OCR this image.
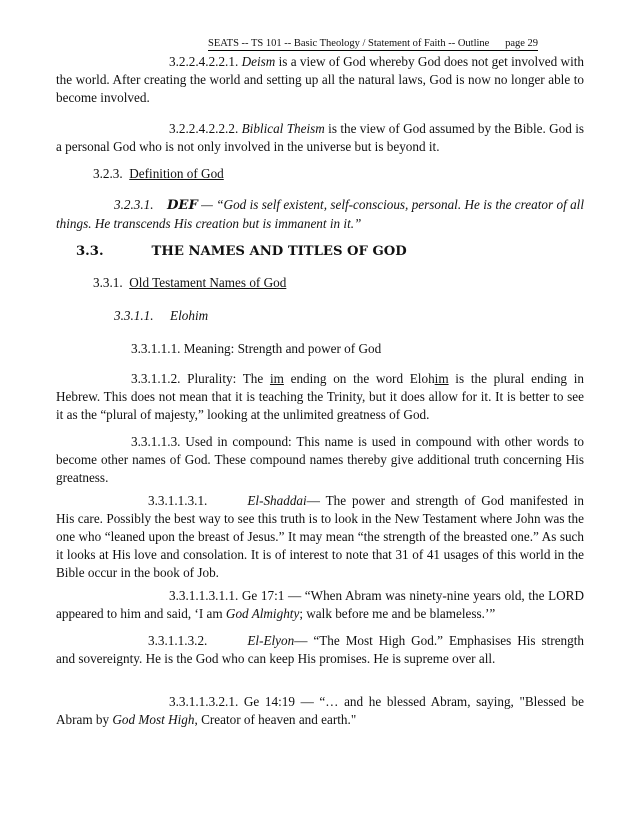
SEATS -- TS 101 -- Basic Theology / Statement of Faith -- Outline page 29
3.2.2.4.2.2.1. Deism is a view of God whereby God does not get involved with the world. After creating the world and setting up all the natural laws, God is now no longer able to become involved.
3.2.2.4.2.2.2. Biblical Theism is the view of God assumed by the Bible. God is a personal God who is not only involved in the universe but is beyond it.
3.2.3. Definition of God
3.2.3.1. DEF — “God is self existent, self-conscious, personal. He is the creator of all things. He transcends His creation but is immanent in it.”
3.3.	THE NAMES AND TITLES OF GOD
3.3.1. Old Testament Names of God
3.3.1.1. Elohim
3.3.1.1.1. Meaning: Strength and power of God
3.3.1.1.2. Plurality: The im ending on the word Elohim is the plural ending in Hebrew. This does not mean that it is teaching the Trinity, but it does allow for it. It is better to see it as the “plural of majesty,” looking at the unlimited greatness of God.
3.3.1.1.3. Used in compound: This name is used in compound with other words to become other names of God. These compound names thereby give additional truth concerning His greatness.
3.3.1.1.3.1.	El-Shaddai— The power and strength of God manifested in His care. Possibly the best way to see this truth is to look in the New Testament where John was the one who “leaned upon the breast of Jesus.” It may mean “the strength of the breasted one.” As such it looks at His love and consolation. It is of interest to note that 31 of 41 usages of this world in the Bible occur in the book of Job.
3.3.1.1.3.1.1. Ge 17:1 — “When Abram was ninety-nine years old, the LORD appeared to him and said, ‘I am God Almighty; walk before me and be blameless.’”
3.3.1.1.3.2.	El-Elyon— “The Most High God.” Emphasises His strength and sovereignty. He is the God who can keep His promises. He is supreme over all.
3.3.1.1.3.2.1. Ge 14:19 — “… and he blessed Abram, saying, "Blessed be Abram by God Most High, Creator of heaven and earth."
